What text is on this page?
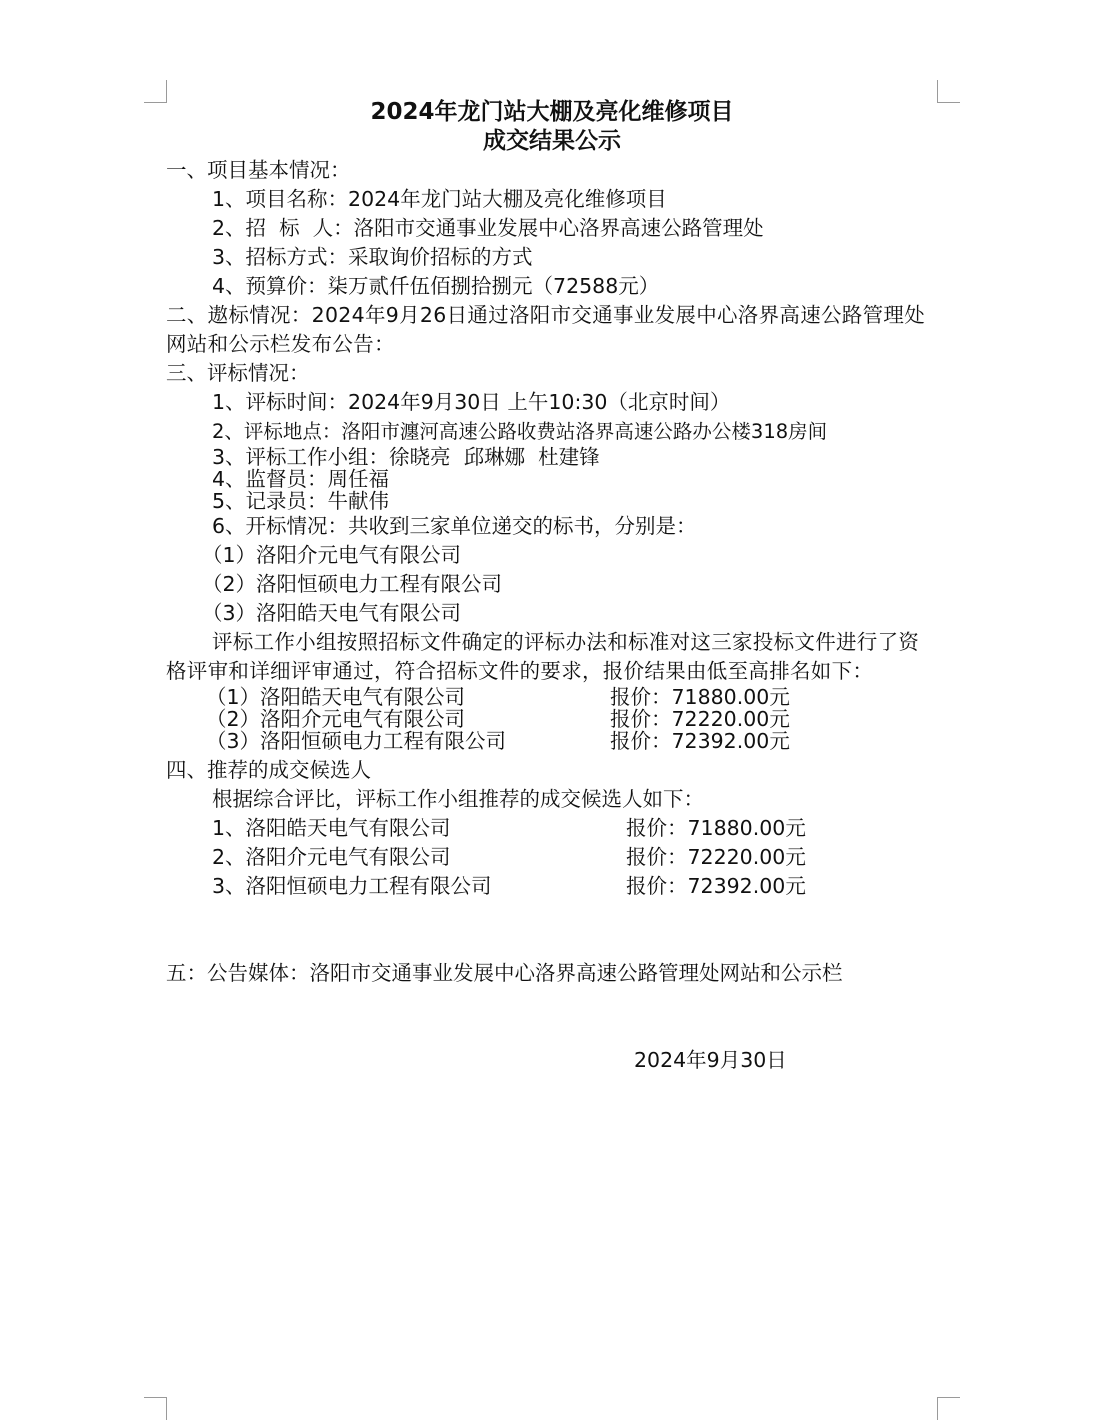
2024年龙门站大棚及亮化维修项目
成交结果公示
一、项目基本情况：
1、项目名称：2024年龙门站大棚及亮化维修项目
2、招  标  人：洛阳市交通事业发展中心洛界高速公路管理处
3、招标方式：采取询价招标的方式
4、预算价：柒万贰仟伍佰捌拾捌元（72588元）
二、遨标情况：2024年9月26日通过洛阳市交通事业发展中心洛界高速公路管理处网站和公示栏发布公告：
三、评标情况：
1、评标时间：2024年9月30日 上午10:30（北京时间）
2、评标地点：洛阳市瀍河高速公路收费站洛界高速公路办公楼318房间
3、评标工作小组：徐晓亮  邱琳娜  杜建锋
4、监督员：周任福
5、记录员：牛献伟
6、开标情况：共收到三家单位递交的标书，分别是：
（1）洛阳介元电气有限公司
（2）洛阳恒硕电力工程有限公司
（3）洛阳皓天电气有限公司
评标工作小组按照招标文件确定的评标办法和标准对这三家投标文件进行了资格评审和详细评审通过，符合招标文件的要求，报价结果由低至高排名如下：
（1）洛阳皓天电气有限公司	报价：71880.00元
（2）洛阳介元电气有限公司	报价：72220.00元
（3）洛阳恒硕电力工程有限公司	报价：72392.00元
四、推荐的成交候选人
根据综合评比，评标工作小组推荐的成交候选人如下：
1、洛阳皓天电气有限公司	报价：71880.00元
2、洛阳介元电气有限公司	报价：72220.00元
3、洛阳恒硕电力工程有限公司	报价：72392.00元
五：公告媒体：洛阳市交通事业发展中心洛界高速公路管理处网站和公示栏
2024年9月30日
